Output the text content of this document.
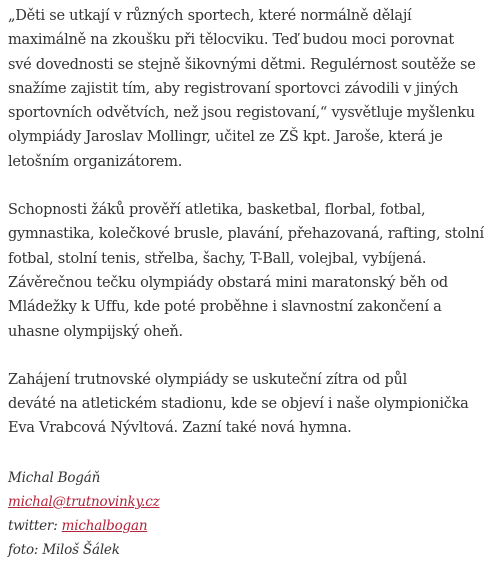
„Děti se utkají v různých sportech, které normálně dělají
maximálně na zkoušku při tělocviku. Teď budou moci porovnat
své dovednosti se stejně šikovnými dětmi. Regulérnost soutěže se
snažíme zajistit tím, aby registrovaní sportovci závodili v jiných
sportovních odvětvích, než jsou registovaní,“ vysvětluje myšlenku
olympiády Jaroslav Mollingr, učitel ze ZŠ kpt. Jaroše, která je
letošním organizátorem.

Schopnosti žáků prověří atletika, basketbal, florbal, fotbal,
gymnastika, kolečkové brusle, plavání, přehazovaná, rafting, stolní
fotbal, stolní tenis, střelba, šachy, T-Ball, volejbal, vybíjená.
Závěrečnou tečku olympiády obstará mini maratonský běh od
Mládežky k Uffu, kde poté proběhne i slavnostní zakončení a
uhasne olympijský oheň.

Zahájení trutnovské olympiády se uskuteční zítra od půl
deváté na atletickém stadionu, kde se objeví i naše olympionička
Eva Vrabcová Nývltová. Zazní také nová hymna.

Michal Bogáň
michal@trutnovinky.cz
twitter: michalbogan
foto: Miloš Šálek
